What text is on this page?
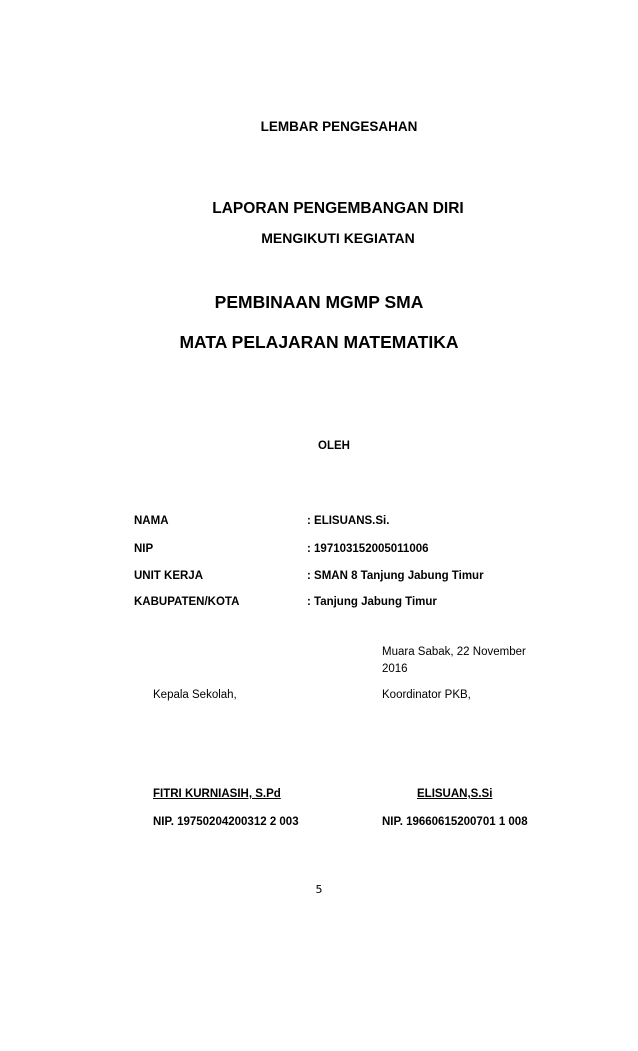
LEMBAR PENGESAHAN
LAPORAN PENGEMBANGAN DIRI
MENGIKUTI KEGIATAN
PEMBINAAN MGMP SMA
MATA PELAJARAN MATEMATIKA
OLEH
NAMA	: ELISUANS.Si.
NIP	: 197103152005011006
UNIT KERJA	: SMAN 8 Tanjung Jabung Timur
KABUPATEN/KOTA	: Tanjung Jabung Timur
Muara Sabak, 22 November 2016
Kepala Sekolah,	Koordinator PKB,
FITRI KURNIASIH, S.Pd	ELISUAN,S.Si
NIP. 19750204200312 2 003	NIP. 19660615200701 1 008
5
